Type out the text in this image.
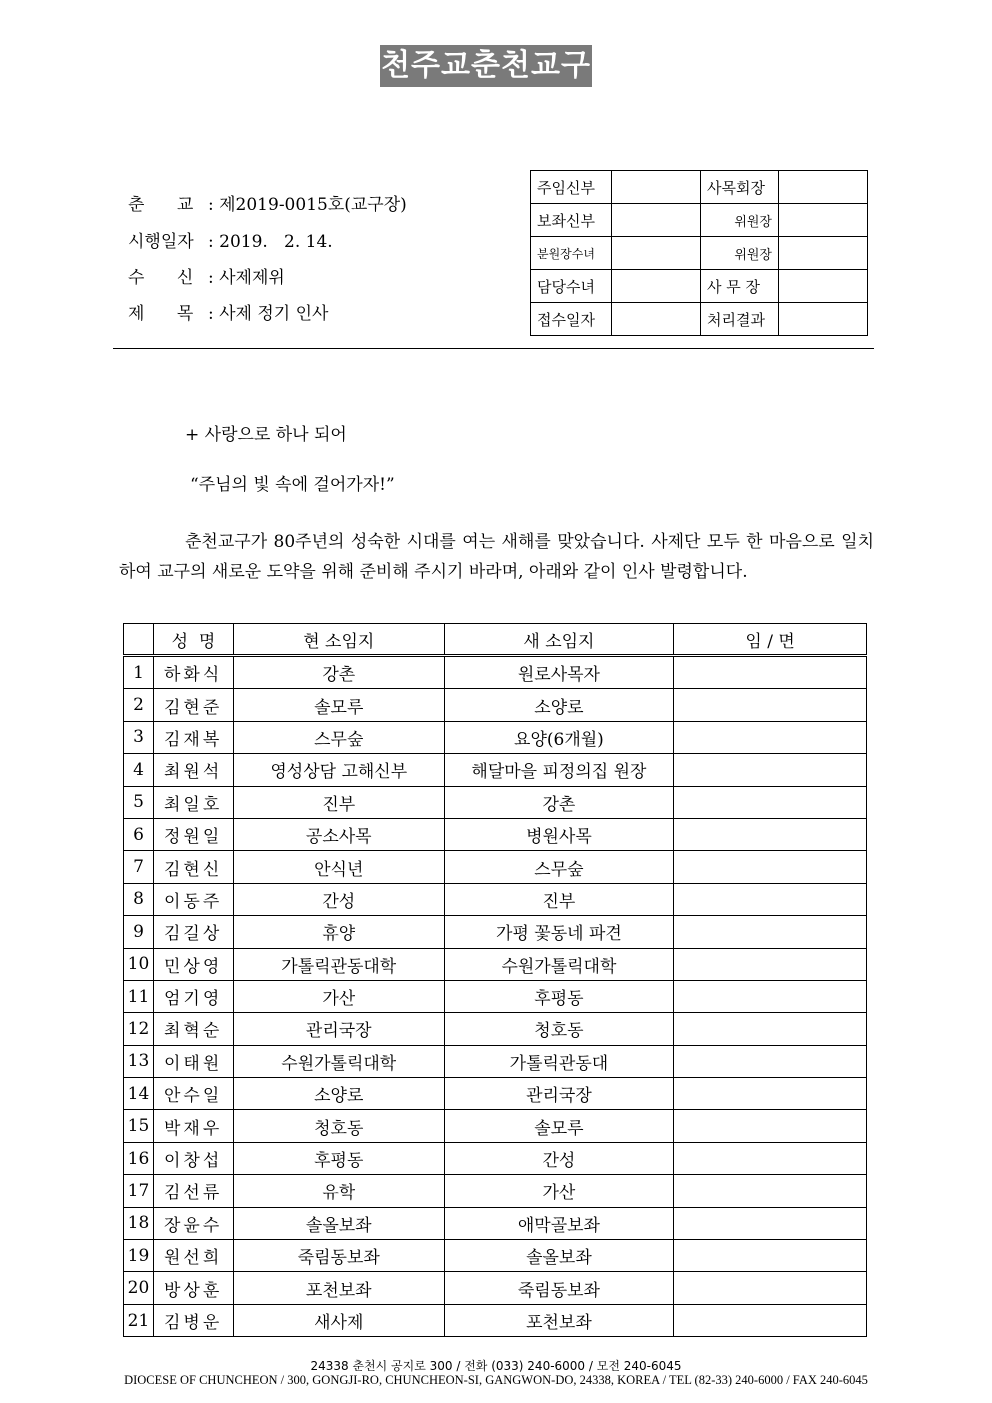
천주교춘천교구
춘      교 : 제2019-0015호(교구장)
시행일자 : 2019.   2. 14.
수      신 : 사제제위
제      목 : 사제 정기 인사
주임신부		사목회장	
보좌신부		위원장	
분원장수녀		위원장	
담당수녀		사 무 장	
접수일자		처리결과	
+ 사랑으로 하나 되어
“주님의 빛 속에 걸어가자!”
춘천교구가 80주년의 성숙한 시대를 여는 새해를 맞았습니다. 사제단 모두 한 마음으로 일치하여 교구의 새로운 도약을 위해 준비해 주시기 바라며, 아래와 같이 인사 발령합니다.
	성  명	현 소임지	새 소임지	임 / 면
1	하화식	강촌	원로사목자	
2	김현준	솔모루	소양로	
3	김재복	스무숲	요양(6개월)	
4	최원석	영성상담 고해신부	해달마을 피정의집 원장	
5	최일호	진부	강촌	
6	정원일	공소사목	병원사목	
7	김현신	안식년	스무숲	
8	이동주	간성	진부	
9	김길상	휴양	가평 꽃동네 파견	
10	민상영	가톨릭관동대학	수원가톨릭대학	
11	엄기영	가산	후평동	
12	최혁순	관리국장	청호동	
13	이태원	수원가톨릭대학	가톨릭관동대	
14	안수일	소양로	관리국장	
15	박재우	청호동	솔모루	
16	이창섭	후평동	간성	
17	김선류	유학	가산	
18	장윤수	솔올보좌	애막골보좌	
19	원선희	죽림동보좌	솔올보좌	
20	방상훈	포천보좌	죽림동보좌	
21	김병운	새사제	포천보좌	
24338 춘천시 공지로 300 / 전화 (033) 240-6000 / 모전 240-6045
DIOCESE OF CHUNCHEON / 300, GONGJI-RO, CHUNCHEON-SI, GANGWON-DO, 24338, KOREA / TEL (82-33) 240-6000 / FAX 240-6045
